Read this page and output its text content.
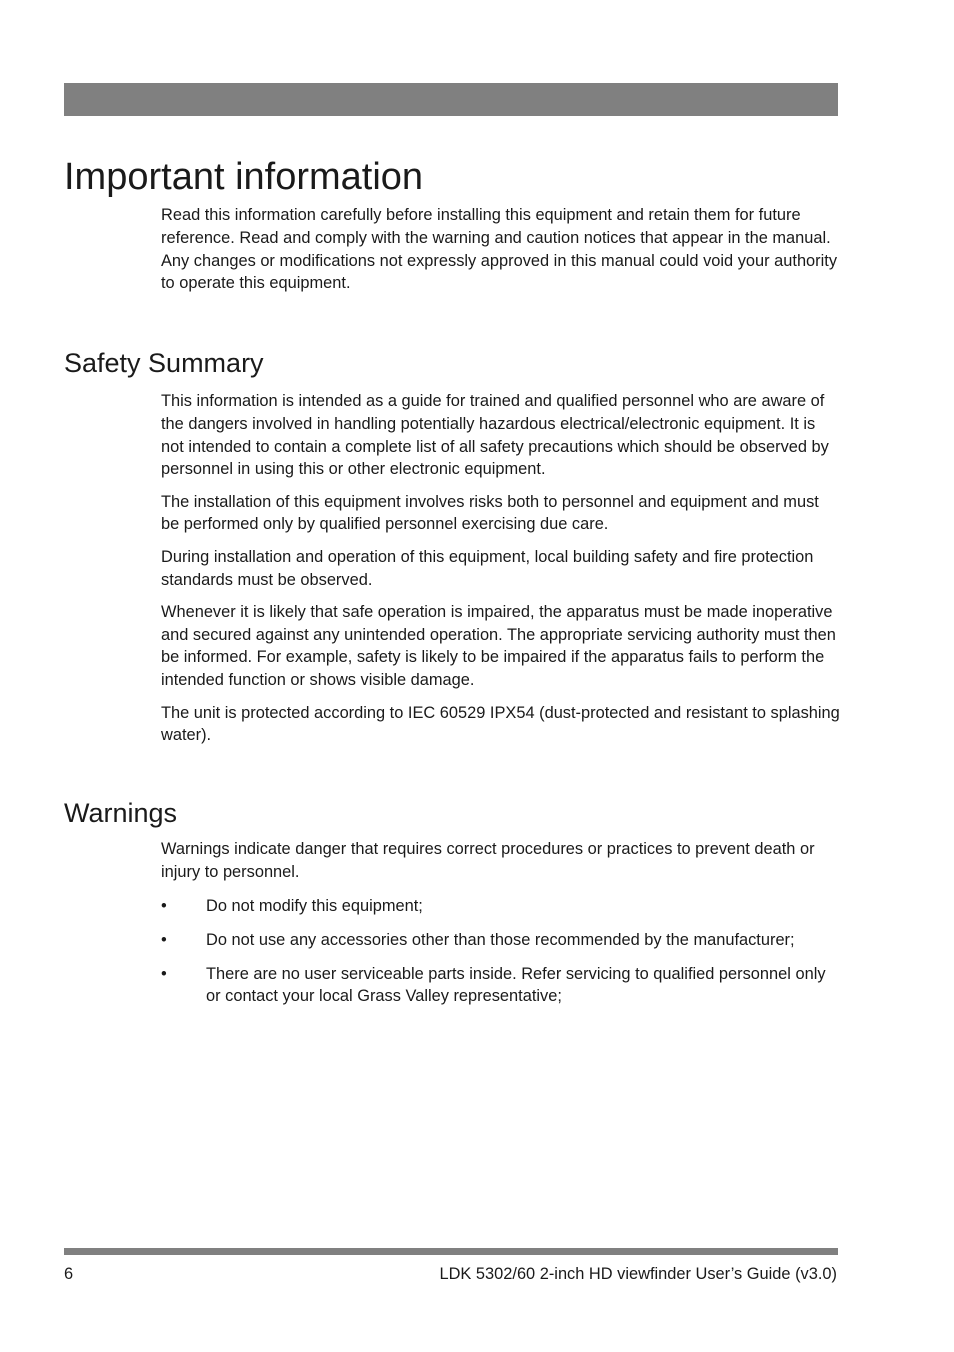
Important information

Read this information carefully before installing this equipment and retain them for future reference. Read and comply with the warning and caution notices that appear in the manual. Any changes or modifications not expressly approved in this manual could void your authority to operate this equipment.

Safety Summary

This information is intended as a guide for trained and qualified personnel who are aware of the dangers involved in handling potentially hazardous electrical/electronic equipment. It is not intended to contain a complete list of all safety precautions which should be observed by personnel in using this or other electronic equipment.

The installation of this equipment involves risks both to personnel and equipment and must be performed only by qualified personnel exercising due care.

During installation and operation of this equipment, local building safety and fire protection standards must be observed.

Whenever it is likely that safe operation is impaired, the apparatus must be made inoperative and secured against any unintended operation. The appropriate servicing authority must then be informed. For example, safety is likely to be impaired if the apparatus fails to perform the intended function or shows visible damage.

The unit is protected according to IEC 60529 IPX54 (dust-protected and resistant to splashing water).

Warnings

Warnings indicate danger that requires correct procedures or practices to prevent death or injury to personnel.

• Do not modify this equipment;
• Do not use any accessories other than those recommended by the manufacturer;
• There are no user serviceable parts inside. Refer servicing to qualified personnel only or contact your local Grass Valley representative;
6	LDK 5302/60 2-inch HD viewfinder User’s Guide (v3.0)
